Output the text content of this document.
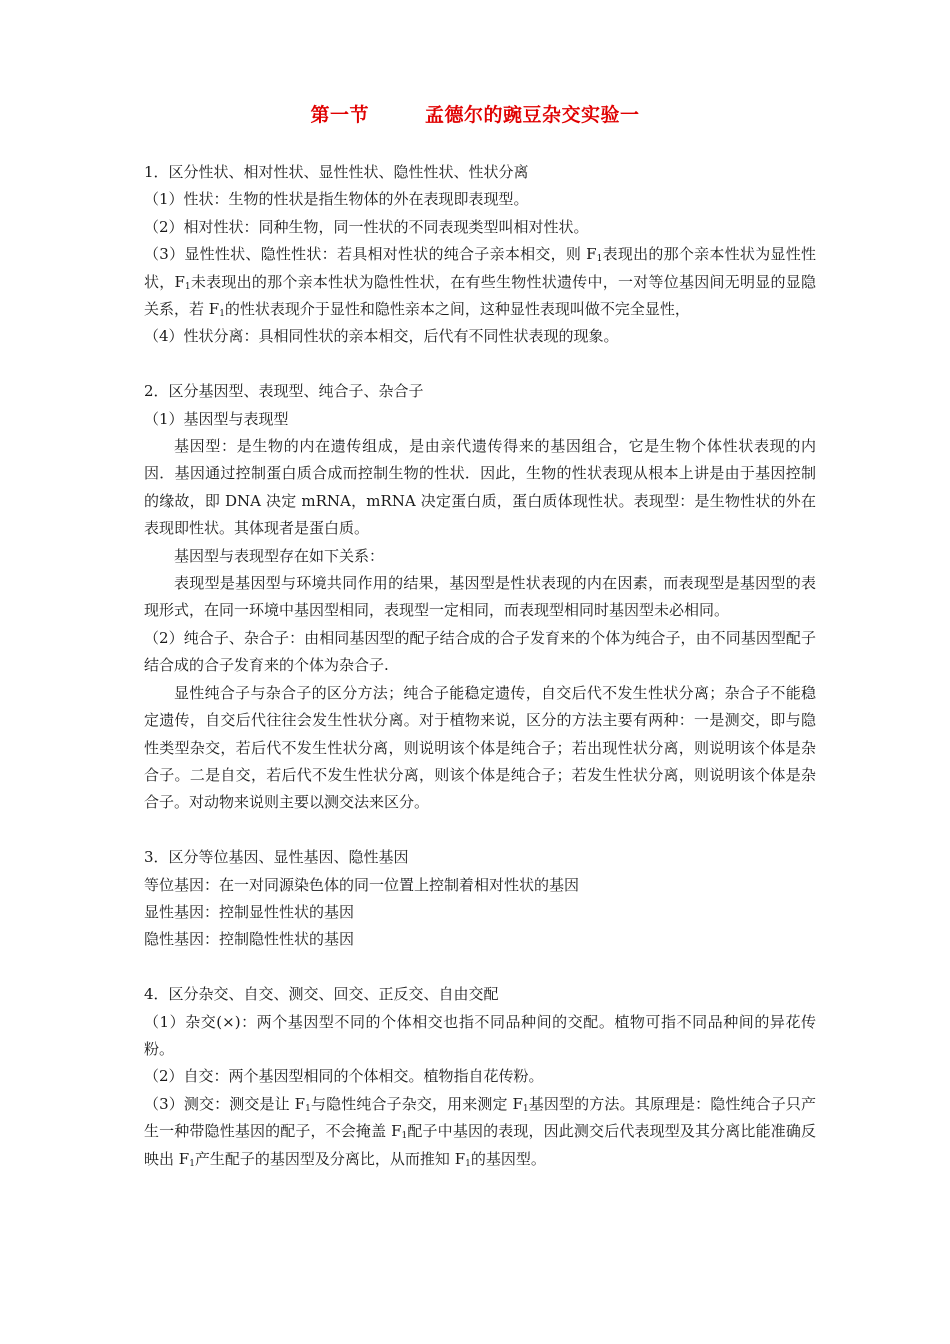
第一节	孟德尔的豌豆杂交实验一

1．区分性状、相对性状、显性性状、隐性性状、性状分离

（1）性状：生物的性状是指生物体的外在表现即表现型。

（2）相对性状：同种生物，同一性状的不同表现类型叫相对性状。

（3）显性性状、隐性性状：若具相对性状的纯合子亲本相交，则 $F_1$表现出的那个亲本性状为显性性状，$F_1$未表现出的那个亲本性状为隐性性状，在有些生物性状遗传中，一对等位基因间无明显的显隐关系，若 $F_1$的性状表现介于显性和隐性亲本之间，这种显性表现叫做不完全显性，

（4）性状分离：具相同性状的亲本相交，后代有不同性状表现的现象。

2．区分基因型、表现型、纯合子、杂合子

（1）基因型与表现型

基因型：是生物的内在遗传组成，是由亲代遗传得来的基因组合，它是生物个体性状表现的内因．基因通过控制蛋白质合成而控制生物的性状．因此，生物的性状表现从根本上讲是由于基因控制的缘故，即 DNA 决定 mRNA，mRNA 决定蛋白质，蛋白质体现性状。表现型：是生物性状的外在表现即性状。其体现者是蛋白质。

基因型与表现型存在如下关系：

表现型是基因型与环境共同作用的结果，基因型是性状表现的内在因素，而表现型是基因型的表现形式，在同一环境中基因型相同，表现型一定相同，而表现型相同时基因型未必相同。

（2）纯合子、杂合子：由相同基因型的配子结合成的合子发育来的个体为纯合子，由不同基因型配子结合成的合子发育来的个体为杂合子.

显性纯合子与杂合子的区分方法；纯合子能稳定遗传，自交后代不发生性状分离；杂合子不能稳定遗传，自交后代往往会发生性状分离。对于植物来说，区分的方法主要有两种：一是测交，即与隐性类型杂交，若后代不发生性状分离，则说明该个体是纯合子；若出现性状分离，则说明该个体是杂合子。二是自交，若后代不发生性状分离，则该个体是纯合子；若发生性状分离，则说明该个体是杂合子。对动物来说则主要以测交法来区分。

3．区分等位基因、显性基因、隐性基因

等位基因：在一对同源染色体的同一位置上控制着相对性状的基因

显性基因：控制显性性状的基因

隐性基因：控制隐性性状的基因

4．区分杂交、自交、测交、回交、正反交、自由交配

（1）杂交(×)：两个基因型不同的个体相交也指不同品种间的交配。植物可指不同品种间的异花传粉。

（2）自交：两个基因型相同的个体相交。植物指自花传粉。

（3）测交：测交是让 $F_1$与隐性纯合子杂交，用来测定 $F_1$基因型的方法。其原理是：隐性纯合子只产生一种带隐性基因的配子，不会掩盖 $F_1$配子中基因的表现，因此测交后代表现型及其分离比能准确反映出 $F_1$产生配子的基因型及分离比，从而推知 $F_1$的基因型。
